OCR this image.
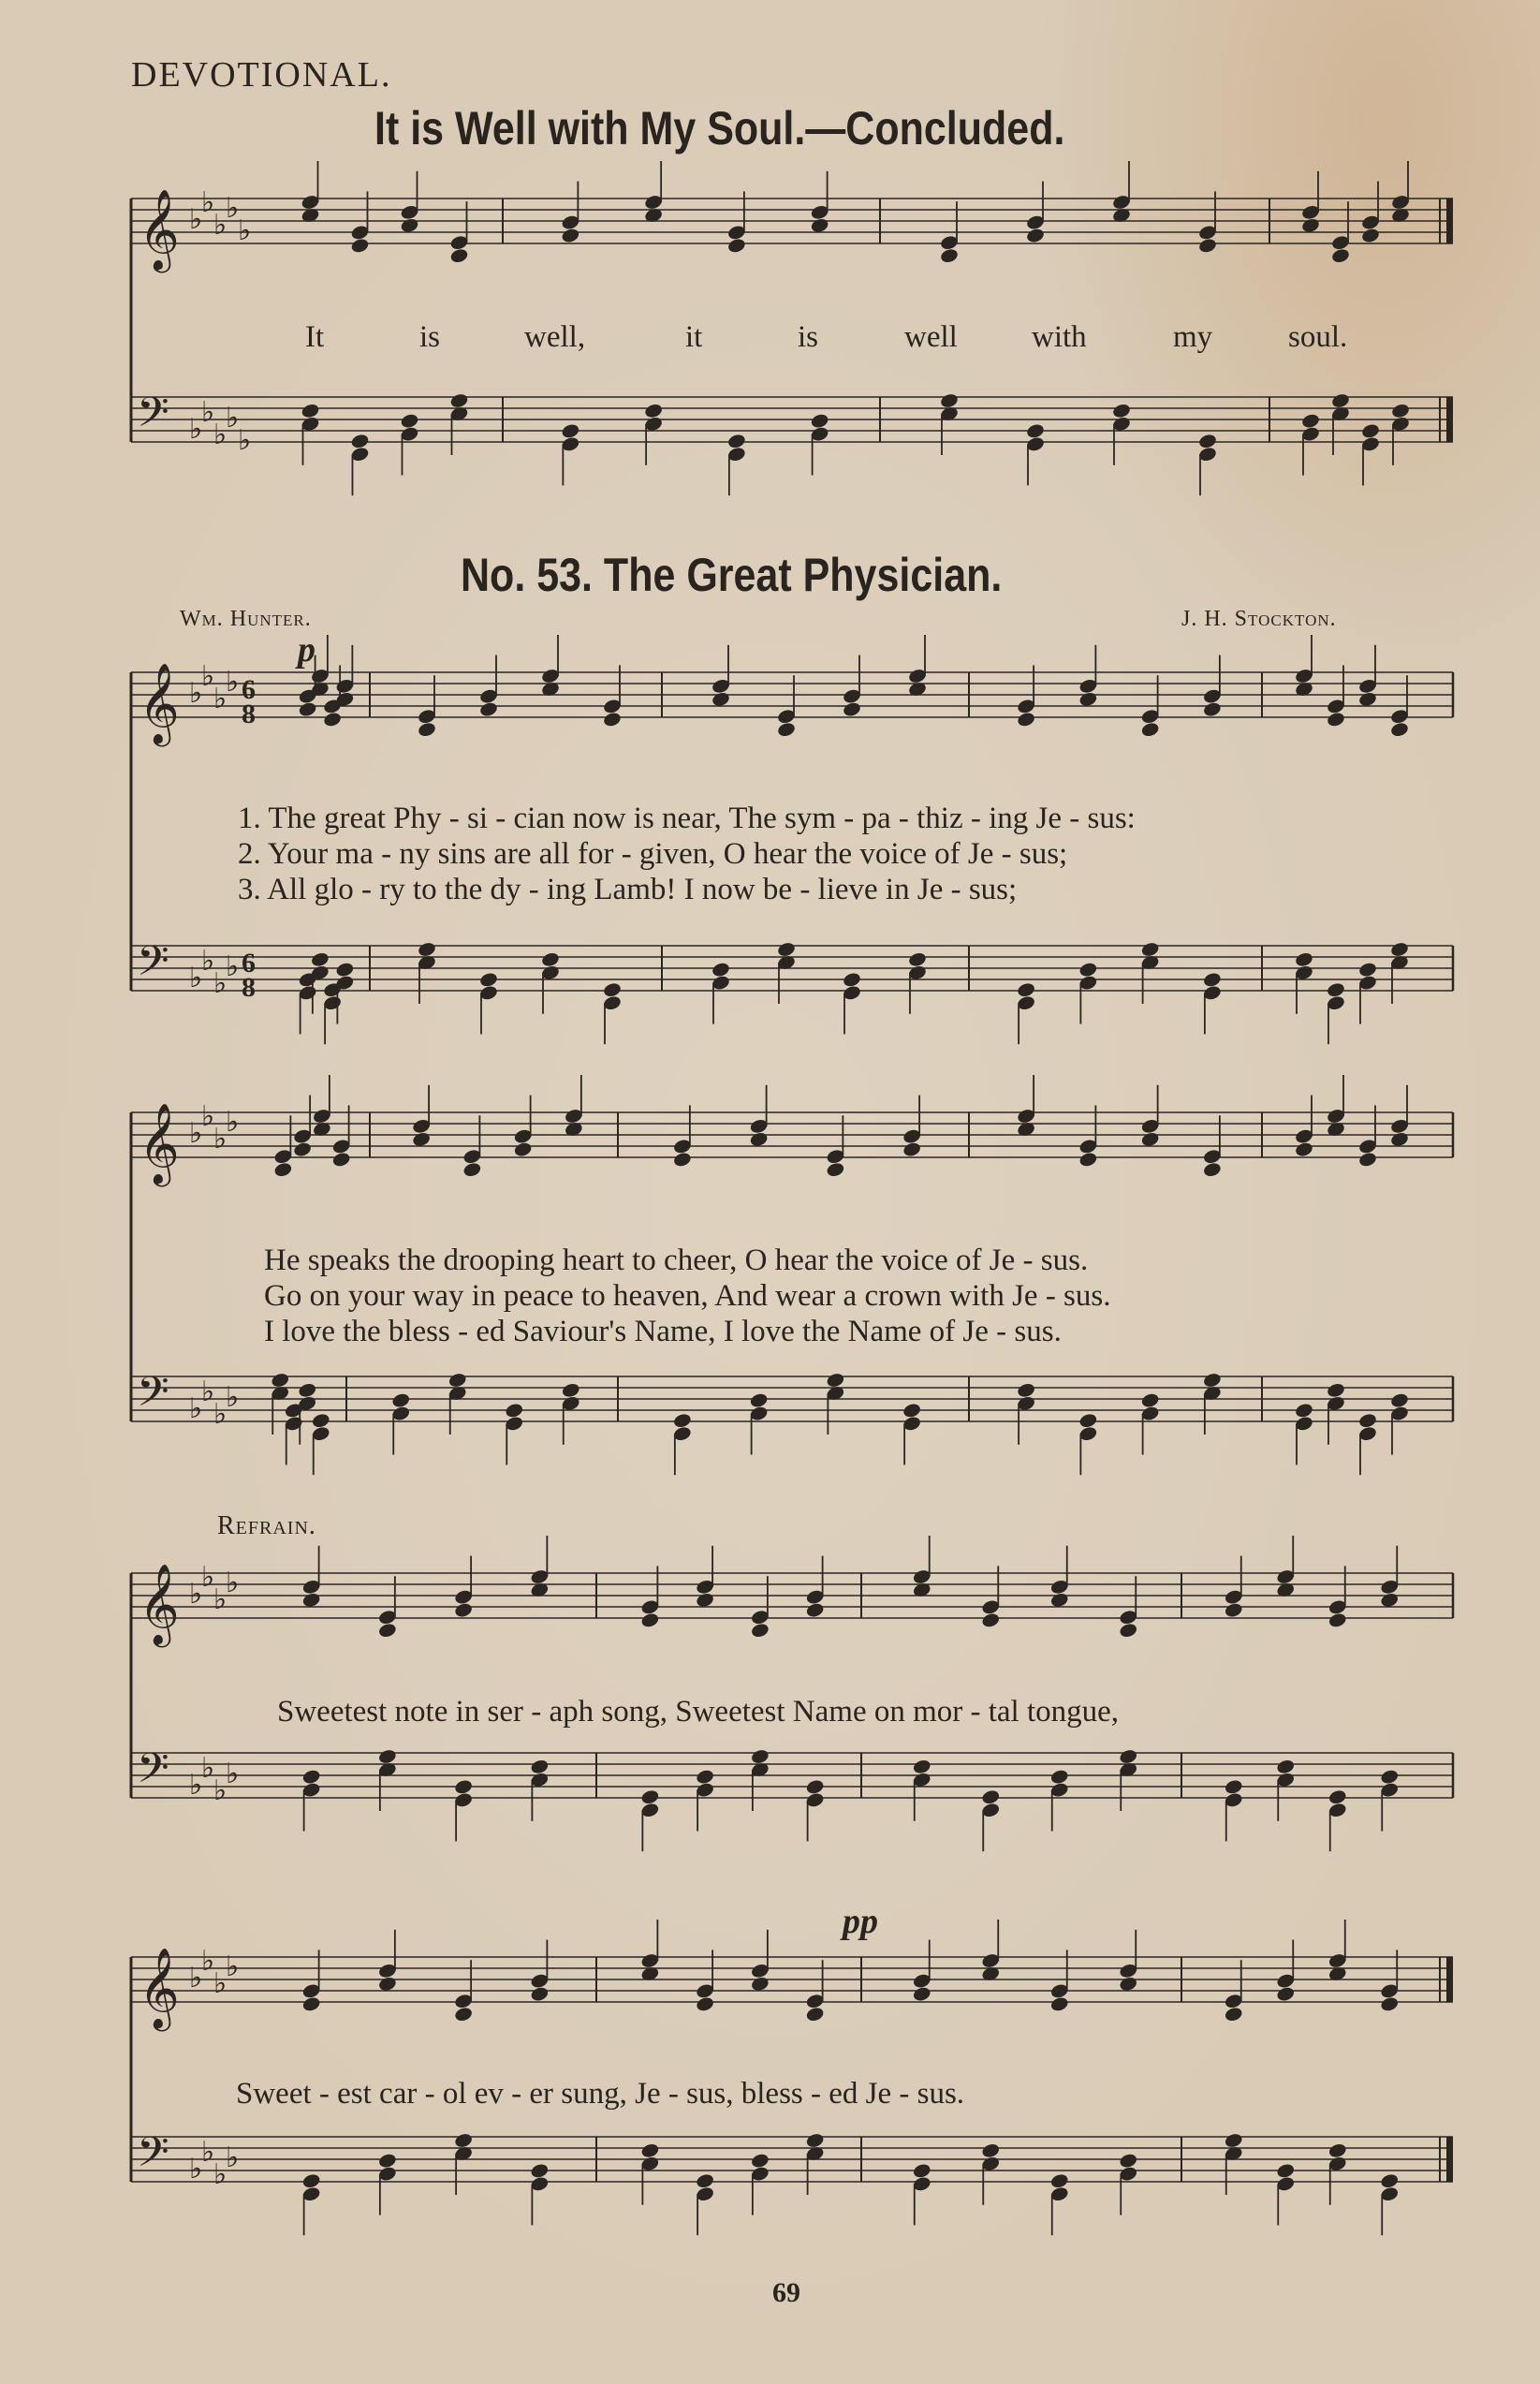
DEVOTIONAL.
It is Well with My Soul.—Concluded.
No. 53. The Great Physician.
Wm. Hunter.	J. H. Stockton.
p
pp
Refrain.
It	is	well,	it	is	well with	my soul.
1. The great Phy - si - cian now is near, The sym - pa - thiz - ing Je - sus:
2. Your ma - ny sins are all for - given, O hear the voice of Je - sus;
3. All glo - ry to the dy - ing Lamb! I now be - lieve in Je - sus;
He speaks the drooping heart to cheer, O hear the voice of Je - sus.
Go on your way in peace to heaven, And wear a crown with Je - sus.
I love the bless - ed Saviour's Name, I love the Name of Je - sus.
Sweetest note in ser - aph song, Sweetest Name on mor - tal tongue,
Sweet - est car - ol ev - er sung, Je - sus, bless - ed Je - sus.
69
𝄞 ♭
♭
♭
♭
♭
𝄢 ♭
♭
♭
♭
♭
𝄞 ♭
♭
♭
♭
𝄢 ♭
♭
♭
♭
𝄞 ♭
♭
♭
♭
𝄢 ♭
♭
♭
♭
𝄞 ♭
♭
♭
♭
𝄢 ♭
♭
♭
♭
𝄞 ♭
♭
♭
♭
𝄢 ♭
♭
♭
♭
6
8
6
8
